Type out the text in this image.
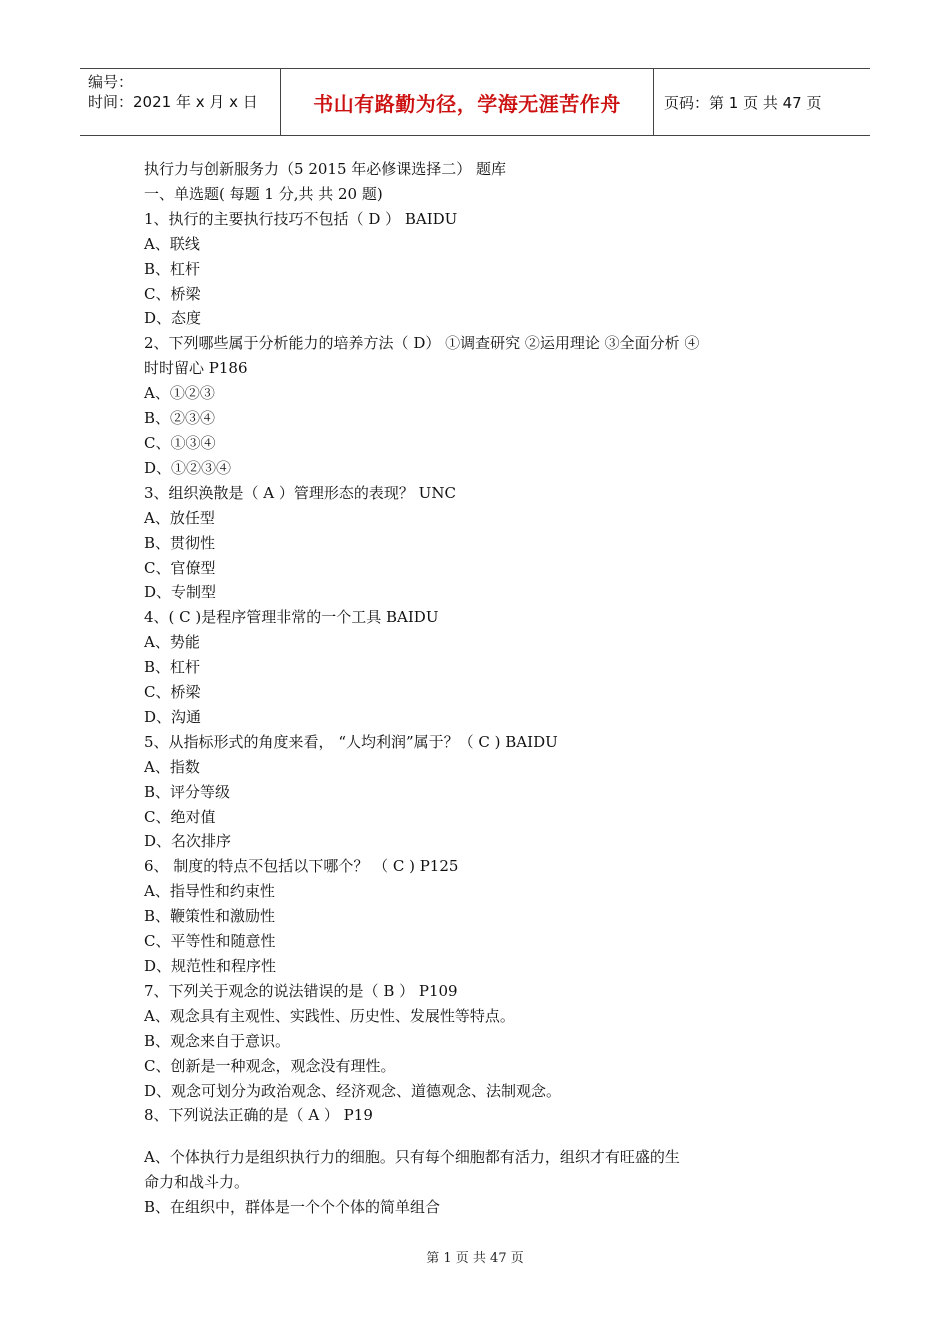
编号：
时间：2021 年 x 月 x 日	书山有路勤为径，学海无涯苦作舟	页码：第 1 页 共 47 页
执行力与创新服务力（5 2015 年必修课选择二） 题库
一、单选题( 每题 1 分,共 共 20 题)
1、执行的主要执行技巧不包括（ D ） BAIDU
A、联线
B、杠杆
C、桥梁
D、态度
2、下列哪些属于分析能力的培养方法（ D） ①调查研究 ②运用理论 ③全面分析 ④
时时留心 P186
A、①②③
B、②③④
C、①③④
D、①②③④
3、组织涣散是（ A ）管理形态的表现？ UNC
A、放任型
B、贯彻性
C、官僚型
D、专制型
4、( C )是程序管理非常的一个工具 BAIDU
A、势能
B、杠杆
C、桥梁
D、沟通
5、从指标形式的角度来看， “人均利润”属于？（ C ) BAIDU
A、指数
B、评分等级
C、绝对值
D、名次排序
6、 制度的特点不包括以下哪个？ （ C ) P125
A、指导性和约束性
B、鞭策性和激励性
C、平等性和随意性
D、规范性和程序性
7、下列关于观念的说法错误的是（ B ） P109
A、观念具有主观性、实践性、历史性、发展性等特点。
B、观念来自于意识。
C、创新是一种观念，观念没有理性。
D、观念可划分为政治观念、经济观念、道德观念、法制观念。
8、下列说法正确的是（ A ） P19
A、个体执行力是组织执行力的细胞。只有每个细胞都有活力，组织才有旺盛的生
命力和战斗力。
B、在组织中，群体是一个个个体的简单组合
第 1 页 共 47 页
